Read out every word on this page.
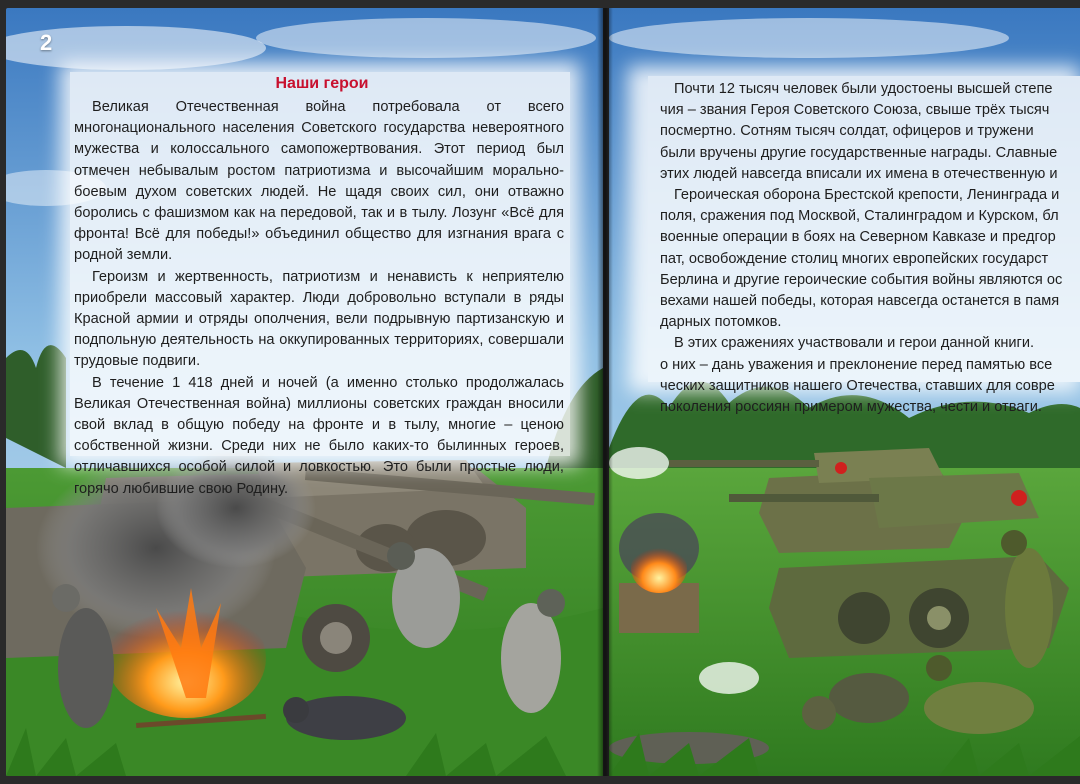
2
Наши герои

Великая Отечественная война потребовала от всего многонационального населения Советского государства невероятного мужества и колоссального самопожертвования. Этот период был отмечен небывалым ростом патриотизма и высочайшим морально-боевым духом советских людей. Не щадя своих сил, они отважно боролись с фашизмом как на передовой, так и в тылу. Лозунг «Всё для фронта! Всё для победы!» объединил общество для изгнания врага с родной земли.

Героизм и жертвенность, патриотизм и ненависть к неприятелю приобрели массовый характер. Люди добровольно вступали в ряды Красной армии и отряды ополчения, вели подрывную партизанскую и подпольную деятельность на оккупированных территориях, совершали трудовые подвиги.

В течение 1 418 дней и ночей (а именно столько продолжалась Великая Отечественная война) миллионы советских граждан вносили свой вклад в общую победу на фронте и в тылу, многие – ценою собственной жизни. Среди них не было каких-то былинных героев, отличавшихся особой силой и ловкостью. Это были простые люди, горячо любившие свою Родину.

Почти 12 тысяч человек были удостоены высшей степе
чия – звания Героя Советского Союза, свыше трёх тысяч
посмертно. Сотням тысяч солдат, офицеров и тружени
были вручены другие государственные награды. Славные
этих людей навсегда вписали их имена в отечественную и

Героическая оборона Брестской крепости, Ленинграда и
поля, сражения под Москвой, Сталинградом и Курском, бл
военные операции в боях на Северном Кавказе и предгор
пат, освобождение столиц многих европейских государст
Берлина и другие героические события войны являются ос
вехами нашей победы, которая навсегда останется в памя
дарных потомков.

В этих сражениях участвовали и герои данной книги.
о них – дань уважения и преклонение перед памятью все
ческих защитников нашего Отечества, ставших для совре
поколения россиян примером мужества, чести и отваги.
